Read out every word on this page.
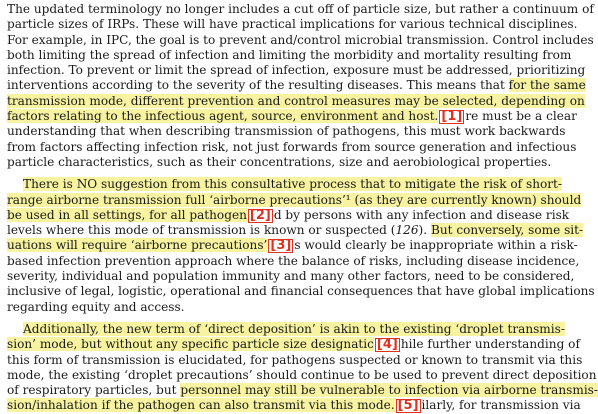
The updated terminology no longer includes a cut off of particle size, but rather a continuum of
particle sizes of IRPs. These will have practical implications for various technical disciplines.
For example, in IPC, the goal is to prevent and/control microbial transmission. Control includes
both limiting the spread of infection and limiting the morbidity and mortality resulting from
infection. To prevent or limit the spread of infection, exposure must be addressed, prioritizing
interventions according to the severity of the resulting diseases. This means that for the same
transmission mode, different prevention and control measures may be selected, depending on
factors relating to the infectious agent, source, environment and host. [1] re must be a clear
understanding that when describing transmission of pathogens, this must work backwards
from factors affecting infection risk, not just forwards from source generation and infectious
particle characteristics, such as their concentrations, size and aerobiological properties.
There is NO suggestion from this consultative process that to mitigate the risk of short-
range airborne transmission full ‘airborne precautions’¹ (as they are currently known) should
be used in all settings, for all pathogen [2] d by persons with any infection and disease risk
levels where this mode of transmission is known or suspected (126). But conversely, some sit-
uations will require ‘airborne precautions’ [3] s would clearly be inappropriate within a risk-
based infection prevention approach where the balance of risks, including disease incidence,
severity, individual and population immunity and many other factors, need to be considered,
inclusive of legal, logistic, operational and financial consequences that have global implications
regarding equity and access.
Additionally, the new term of ‘direct deposition’ is akin to the existing ‘droplet transmis-
sion’ mode, but without any specific particle size designatic [4] hile further understanding of
this form of transmission is elucidated, for pathogens suspected or known to transmit via this
mode, the existing ‘droplet precautions’ should continue to be used to prevent direct deposition
of respiratory particles, but personnel may still be vulnerable to infection via airborne transmis-
sion/inhalation if the pathogen can also transmit via this mode. [5] ilarly, for transmission via
